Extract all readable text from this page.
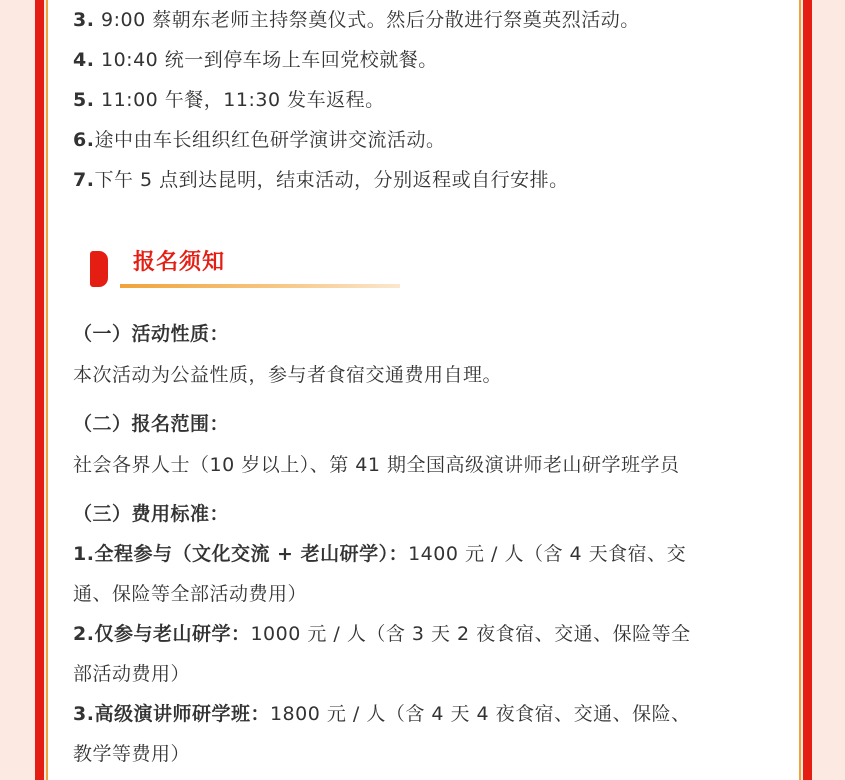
3. 9:00 蔡朝东老师主持祭奠仪式。然后分散进行祭奠英烈活动。
4. 10:40 统一到停车场上车回党校就餐。
5. 11:00 午餐，11:30 发车返程。
6.途中由车长组织红色研学演讲交流活动。
7.下午 5 点到达昆明，结束活动，分别返程或自行安排。
（一）活动性质：
本次活动为公益性质，参与者食宿交通费用自理。
（二）报名范围：
社会各界人士（10 岁以上）、第 41 期全国高级演讲师老山研学班学员
（三）费用标准：
1.全程参与（文化交流 + 老山研学）：1400 元 / 人（含 4 天食宿、交
通、保险等全部活动费用）
2.仅参与老山研学：1000 元 / 人（含 3 天 2 夜食宿、交通、保险等全
部活动费用）
3.高级演讲师研学班：1800 元 / 人（含 4 天 4 夜食宿、交通、保险、
教学等费用）
报名须知
